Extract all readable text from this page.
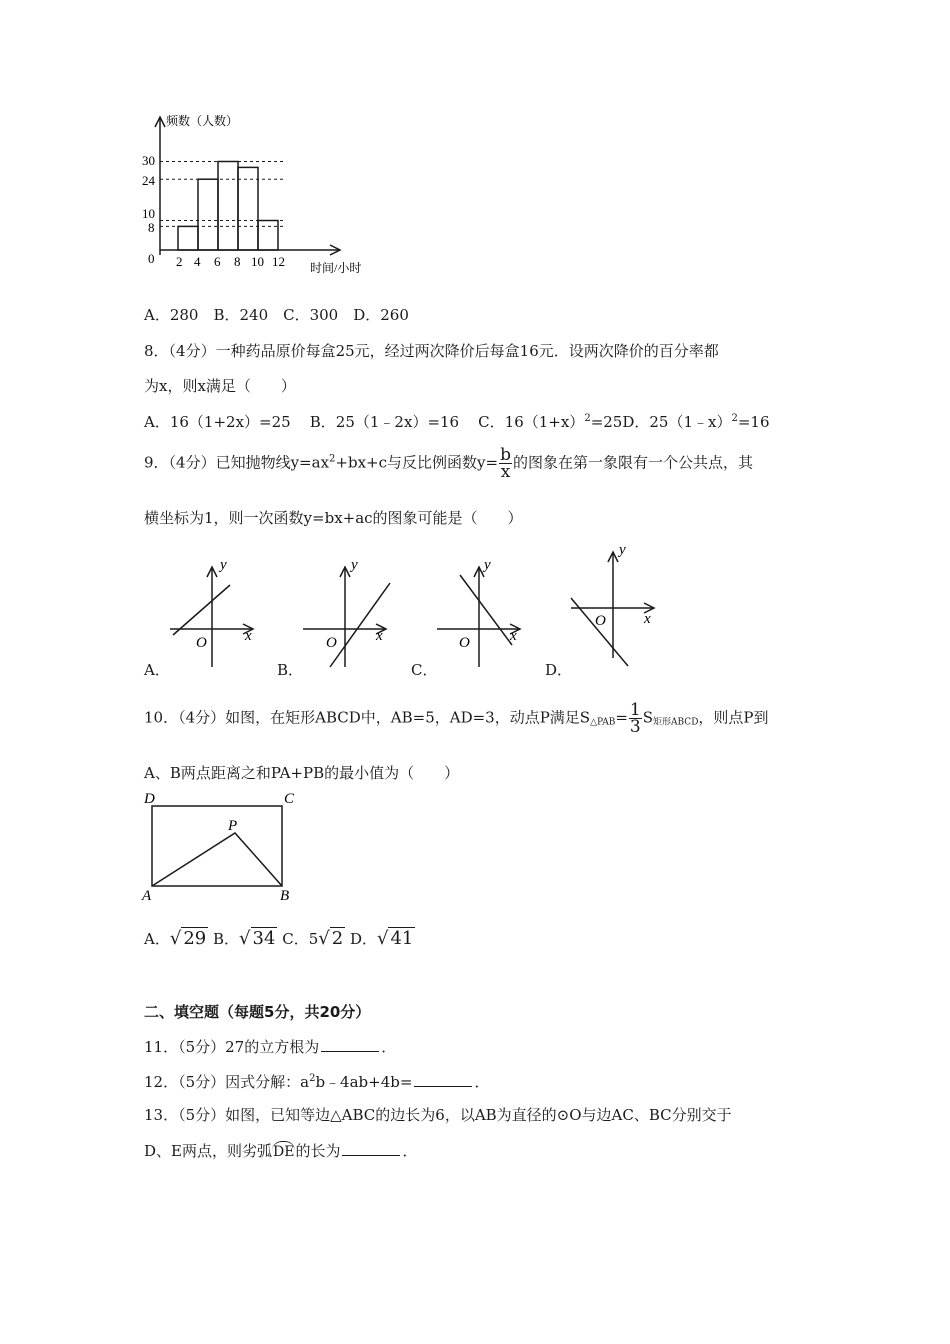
频数（人数）
时间/小时
0
30
24
10
8
2 4 6 8 10 12
A．280　B．240　C．300　D．260
8．（4分）一种药品原价每盒25元，经过两次降价后每盒16元．设两次降价的百分率都
为x，则x满足（　　）
A．16（1+2x）=25 B．25（1﹣2x）=16 C．$16(1+x)^2=25D$．25（1﹣x）$^2$=16
9．（4分）已知抛物线$y=ax^2+bx+c$与反比例函数$y= \frac{b}{x}$ 的图象在第一象限有一个公共点，其
横坐标为1，则一次函数y=bx+ac的图象可能是（　　）
y
x
O
y
x
O
y
x
O
y
x
O
A．	B．	C．	D．
10．（4分）如图，在矩形ABCD中，AB=5，AD=3，动点P满足$S_{\triangle PAB}= \frac{1}{3} S_{矩形ABCD}$，则点P到
A、B两点距离之和PA+PB的最小值为（　　）
D	C
P
A	B
A．√ 29 B．√ 34 C．5√ 2 D．√ 41
二、填空题（每题5分，共20分）
11．（5分）27的立方根为	．
12．（5分）因式分解：$a^2b﹣4ab+4b=$	．
13．（5分）如图，已知等边△ABC的边长为6，以AB为直径的⊙O与边AC、BC分别交于
D、E两点，则劣弧DE的长为	．
